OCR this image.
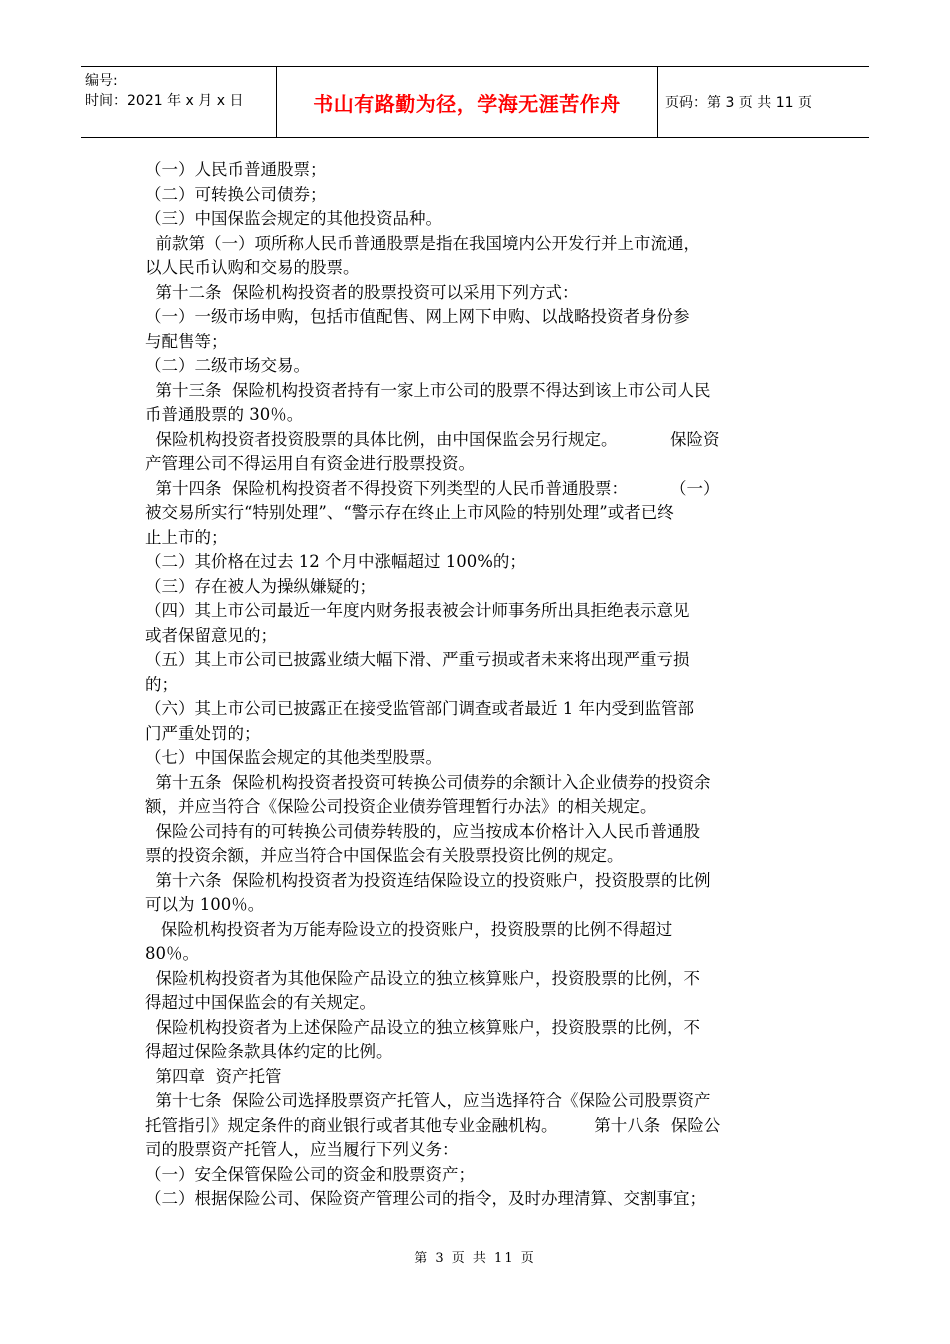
编号:
时间：2021 年 x 月 x 日	书山有路勤为径，学海无涯苦作舟	页码：第 3 页 共 11 页
（一）人民币普通股票；
（二）可转换公司债券；
（三）中国保监会规定的其他投资品种。
前款第（一）项所称人民币普通股票是指在我国境内公开发行并上市流通，
以人民币认购和交易的股票。
第十二条  保险机构投资者的股票投资可以采用下列方式：
（一）一级市场申购，包括市值配售、网上网下申购、以战略投资者身份参
与配售等；
（二）二级市场交易。
第十三条  保险机构投资者持有一家上市公司的股票不得达到该上市公司人民
币普通股票的 30％。
保险机构投资者投资股票的具体比例，由中国保监会另行规定。          保险资
产管理公司不得运用自有资金进行股票投资。
第十四条  保险机构投资者不得投资下列类型的人民币普通股票：        （一）
被交易所实行“特别处理”、“警示存在终止上市风险的特别处理”或者已终
止上市的；
（二）其价格在过去 12 个月中涨幅超过 100%的；
（三）存在被人为操纵嫌疑的；
（四）其上市公司最近一年度内财务报表被会计师事务所出具拒绝表示意见
或者保留意见的；
（五）其上市公司已披露业绩大幅下滑、严重亏损或者未来将出现严重亏损
的；
（六）其上市公司已披露正在接受监管部门调查或者最近 1 年内受到监管部
门严重处罚的；
（七）中国保监会规定的其他类型股票。
第十五条  保险机构投资者投资可转换公司债券的余额计入企业债券的投资余
额，并应当符合《保险公司投资企业债券管理暂行办法》的相关规定。
保险公司持有的可转换公司债券转股的，应当按成本价格计入人民币普通股
票的投资余额，并应当符合中国保监会有关股票投资比例的规定。
第十六条  保险机构投资者为投资连结保险设立的投资账户，投资股票的比例
可以为 100％。
保险机构投资者为万能寿险设立的投资账户，投资股票的比例不得超过
80％。
保险机构投资者为其他保险产品设立的独立核算账户，投资股票的比例，不
得超过中国保监会的有关规定。
保险机构投资者为上述保险产品设立的独立核算账户，投资股票的比例，不
得超过保险条款具体约定的比例。
第四章  资产托管
第十七条  保险公司选择股票资产托管人，应当选择符合《保险公司股票资产
托管指引》规定条件的商业银行或者其他专业金融机构。       第十八条  保险公
司的股票资产托管人，应当履行下列义务：
（一）安全保管保险公司的资金和股票资产；
（二）根据保险公司、保险资产管理公司的指令，及时办理清算、交割事宜；
第 3 页 共 11 页
